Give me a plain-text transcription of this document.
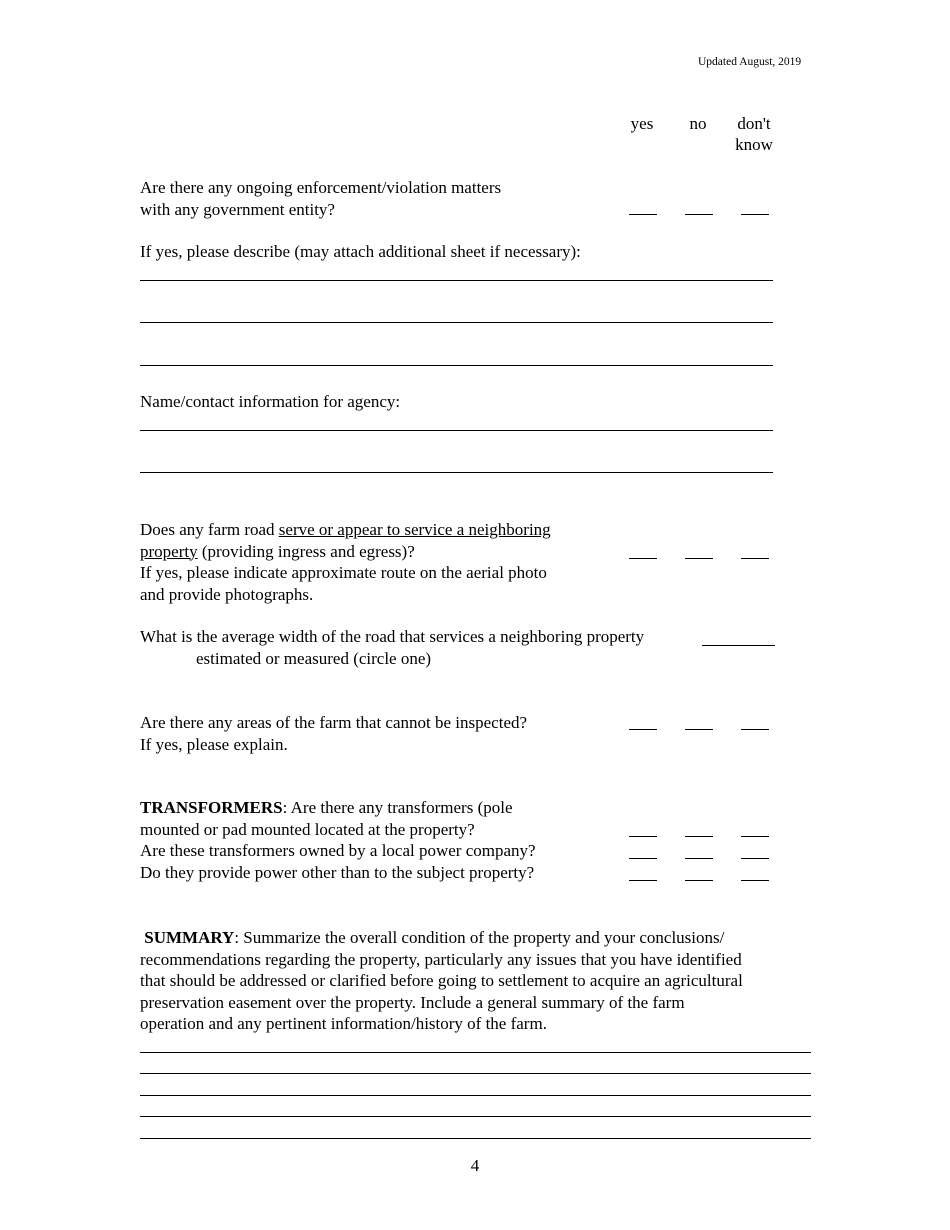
Updated August, 2019
yes	no	don't
know
Are there any ongoing enforcement/violation matters
with any government entity?
If yes, please describe (may attach additional sheet if necessary):
Name/contact information for agency:
Does any farm road serve or appear to service a neighboring
property (providing ingress and egress)?
If yes, please indicate approximate route on the aerial photo
and provide photographs.
What is the average width of the road that services a neighboring property
estimated or measured (circle one)
Are there any areas of the farm that cannot be inspected?
If yes, please explain.
TRANSFORMERS: Are there any transformers (pole
mounted or pad mounted located at the property?
Are these transformers owned by a local power company?
Do they provide power other than to the subject property?
SUMMARY: Summarize the overall condition of the property and your conclusions/
recommendations regarding the property, particularly any issues that you have identified
that should be addressed or clarified before going to settlement to acquire an agricultural
preservation easement over the property. Include a general summary of the farm
operation and any pertinent information/history of the farm.
4
